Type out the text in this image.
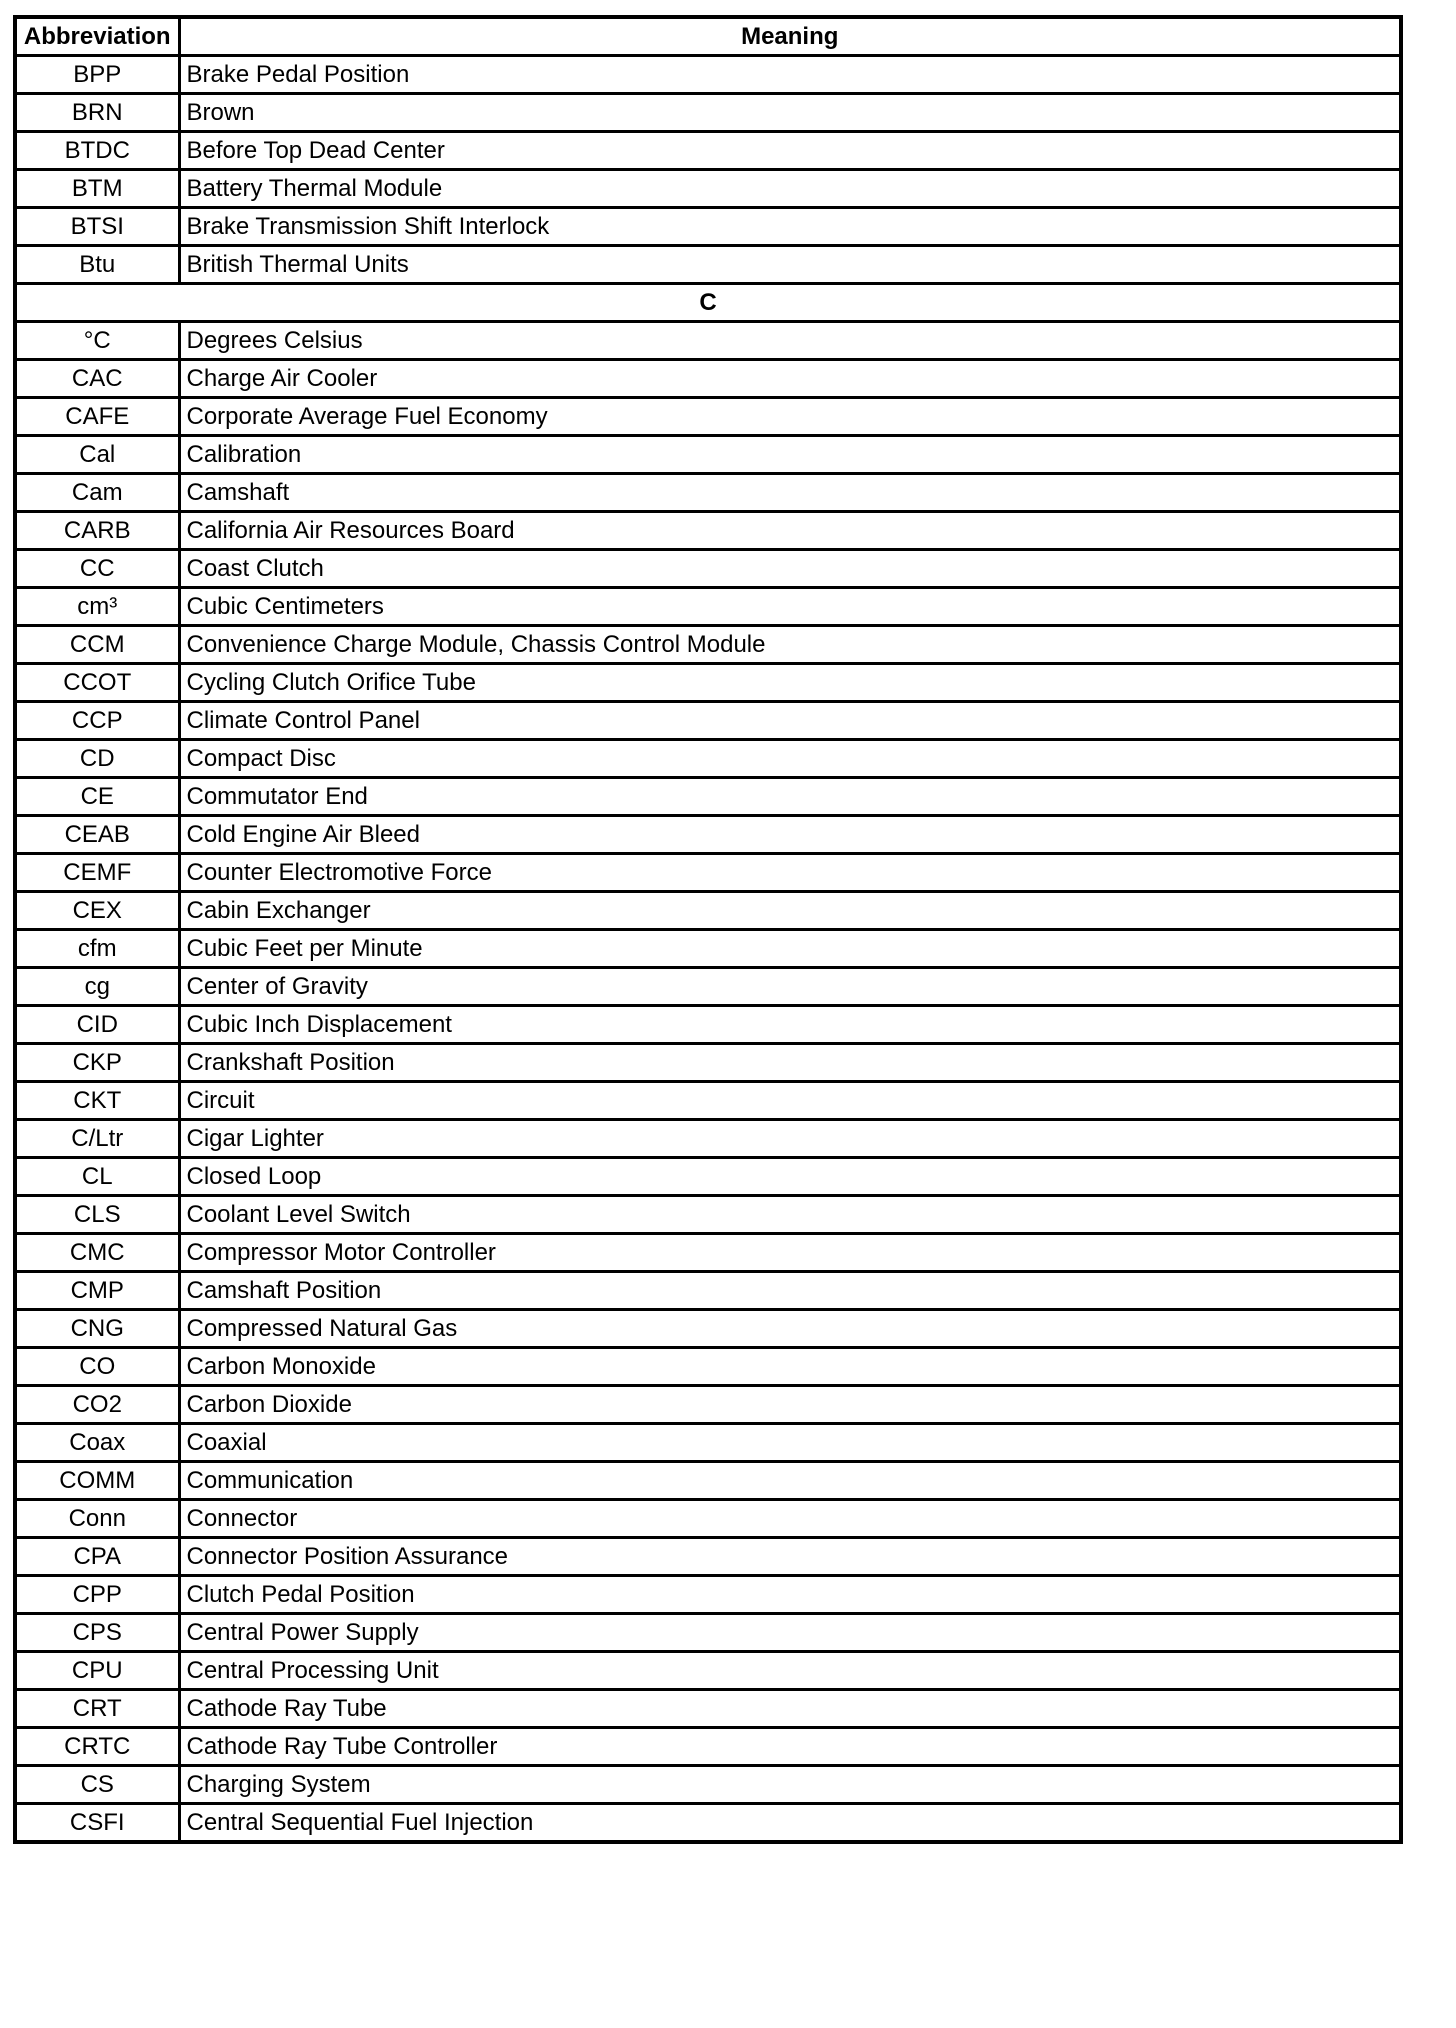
Abbreviation	Meaning
BPP	Brake Pedal Position
BRN	Brown
BTDC	Before Top Dead Center
BTM	Battery Thermal Module
BTSI	Brake Transmission Shift Interlock
Btu	British Thermal Units
C	
°C	Degrees Celsius
CAC	Charge Air Cooler
CAFE	Corporate Average Fuel Economy
Cal	Calibration
Cam	Camshaft
CARB	California Air Resources Board
CC	Coast Clutch
cm³	Cubic Centimeters
CCM	Convenience Charge Module, Chassis Control Module
CCOT	Cycling Clutch Orifice Tube
CCP	Climate Control Panel
CD	Compact Disc
CE	Commutator End
CEAB	Cold Engine Air Bleed
CEMF	Counter Electromotive Force
CEX	Cabin Exchanger
cfm	Cubic Feet per Minute
cg	Center of Gravity
CID	Cubic Inch Displacement
CKP	Crankshaft Position
CKT	Circuit
C/Ltr	Cigar Lighter
CL	Closed Loop
CLS	Coolant Level Switch
CMC	Compressor Motor Controller
CMP	Camshaft Position
CNG	Compressed Natural Gas
CO	Carbon Monoxide
CO2	Carbon Dioxide
Coax	Coaxial
COMM	Communication
Conn	Connector
CPA	Connector Position Assurance
CPP	Clutch Pedal Position
CPS	Central Power Supply
CPU	Central Processing Unit
CRT	Cathode Ray Tube
CRTC	Cathode Ray Tube Controller
CS	Charging System
CSFI	Central Sequential Fuel Injection
